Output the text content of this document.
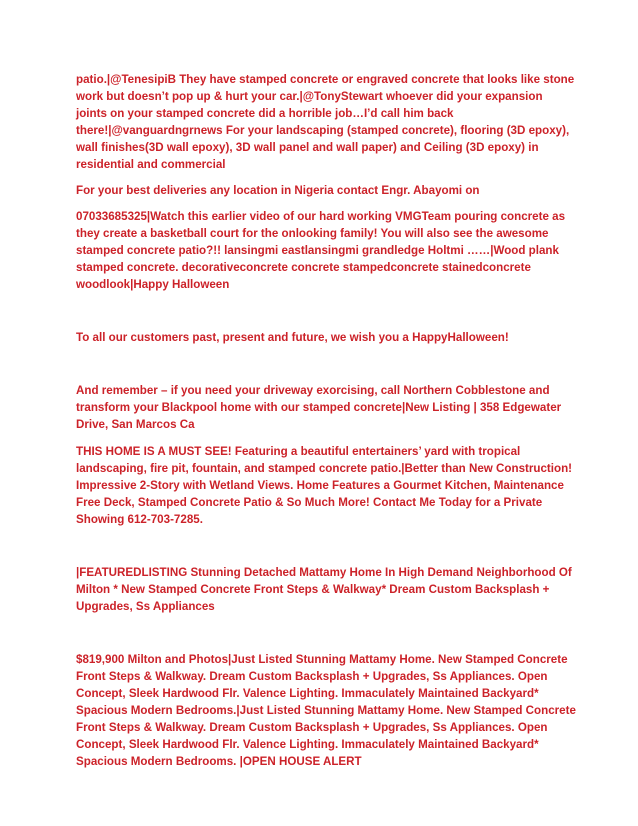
patio.|@TenesipiB They have stamped concrete or engraved concrete that looks like stone work but doesn’t pop up & hurt your car.|@TonyStewart whoever did your expansion joints on your stamped concrete did a horrible job…I’d call him back there!|@vanguardngrnews For your landscaping (stamped concrete), flooring (3D epoxy), wall finishes(3D wall epoxy), 3D wall panel and wall paper) and Ceiling (3D epoxy) in residential and commercial

For your best deliveries any location in Nigeria contact Engr. Abayomi on

07033685325|Watch this earlier video of our hard working VMGTeam pouring concrete as they create a basketball court for the onlooking family! You will also see the awesome stamped concrete patio?!! lansingmi eastlansingmi grandledge Holtmi ……|Wood plank stamped concrete. decorativeconcrete concrete stampedconcrete stainedconcrete woodlook|Happy Halloween

To all our customers past, present and future, we wish you a HappyHalloween!

And remember – if you need your driveway exorcising, call Northern Cobblestone and transform your Blackpool home with our stamped concrete|New Listing | 358 Edgewater Drive, San Marcos Ca

THIS HOME IS A MUST SEE! Featuring a beautiful entertainers’ yard with tropical landscaping, fire pit, fountain, and stamped concrete patio.|Better than New Construction! Impressive 2-Story with Wetland Views. Home Features a Gourmet Kitchen, Maintenance Free Deck, Stamped Concrete Patio & So Much More! Contact Me Today for a Private Showing 612-703-7285.

|FEATUREDLISTING Stunning Detached Mattamy Home In High Demand Neighborhood Of Milton * New Stamped Concrete Front Steps & Walkway* Dream Custom Backsplash + Upgrades, Ss Appliances

$819,900 Milton and Photos|Just Listed Stunning Mattamy Home. New Stamped Concrete Front Steps & Walkway. Dream Custom Backsplash + Upgrades, Ss Appliances. Open Concept, Sleek Hardwood Flr. Valence Lighting. Immaculately Maintained Backyard* Spacious Modern Bedrooms.|Just Listed Stunning Mattamy Home. New Stamped Concrete Front Steps & Walkway. Dream Custom Backsplash + Upgrades, Ss Appliances. Open Concept, Sleek Hardwood Flr. Valence Lighting. Immaculately Maintained Backyard* Spacious Modern Bedrooms. |OPEN HOUSE ALERT
